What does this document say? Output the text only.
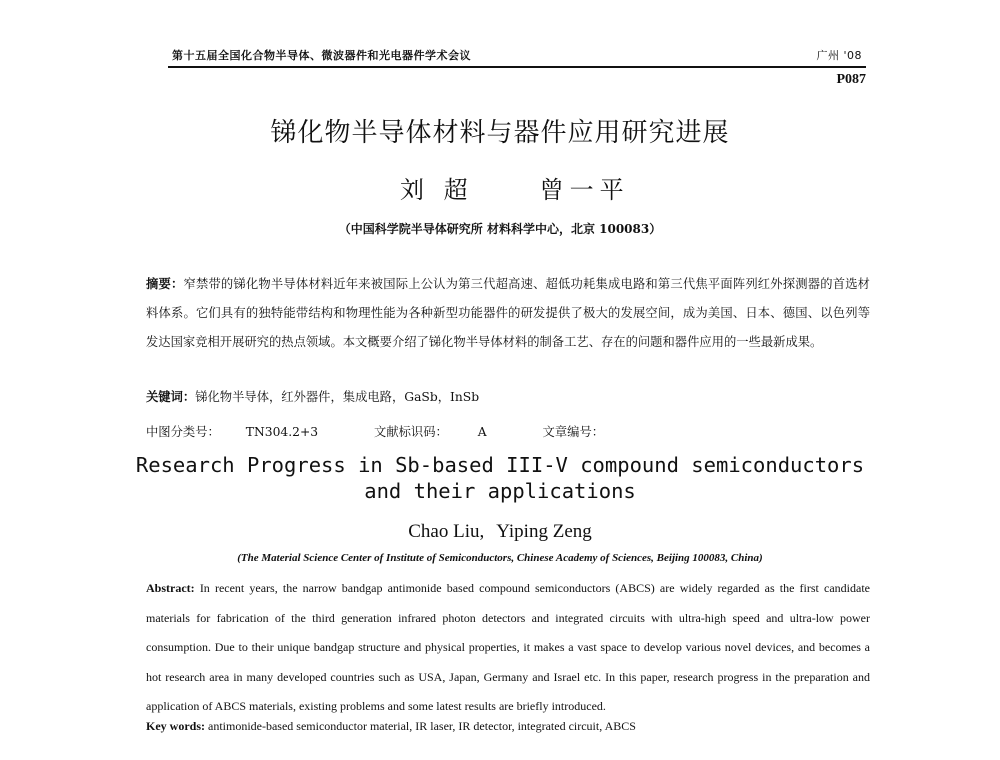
第十五届全国化合物半导体、微波器件和光电器件学术会议	广州 '08
P087
锑化物半导体材料与器件应用研究进展
刘 超	曾一平
（中国科学院半导体研究所 材料科学中心，北京 100083）
摘要：窄禁带的锑化物半导体材料近年来被国际上公认为第三代超高速、超低功耗集成电路和第三代焦平面阵列红外探测器的首选材料体系。它们具有的独特能带结构和物理性能为各种新型功能器件的研发提供了极大的发展空间，成为美国、日本、德国、以色列等发达国家竞相开展研究的热点领域。本文概要介绍了锑化物半导体材料的制备工艺、存在的问题和器件应用的一些最新成果。
关键词：锑化物半导体，红外器件，集成电路，GaSb，InSb
中图分类号： TN304.2+3	文献标识码： A	文章编号：
Research Progress in Sb-based III-V compound semiconductors
and their applications
Chao Liu, Yiping Zeng
(The Material Science Center of Institute of Semiconductors, Chinese Academy of Sciences, Beijing 100083, China)
Abstract: In recent years, the narrow bandgap antimonide based compound semiconductors (ABCS) are widely regarded as the first candidate materials for fabrication of the third generation infrared photon detectors and integrated circuits with ultra-high speed and ultra-low power consumption. Due to their unique bandgap structure and physical properties, it makes a vast space to develop various novel devices, and becomes a hot research area in many developed countries such as USA, Japan, Germany and Israel etc. In this paper, research progress in the preparation and application of ABCS materials, existing problems and some latest results are briefly introduced.
Key words: antimonide-based semiconductor material, IR laser, IR detector, integrated circuit, ABCS
